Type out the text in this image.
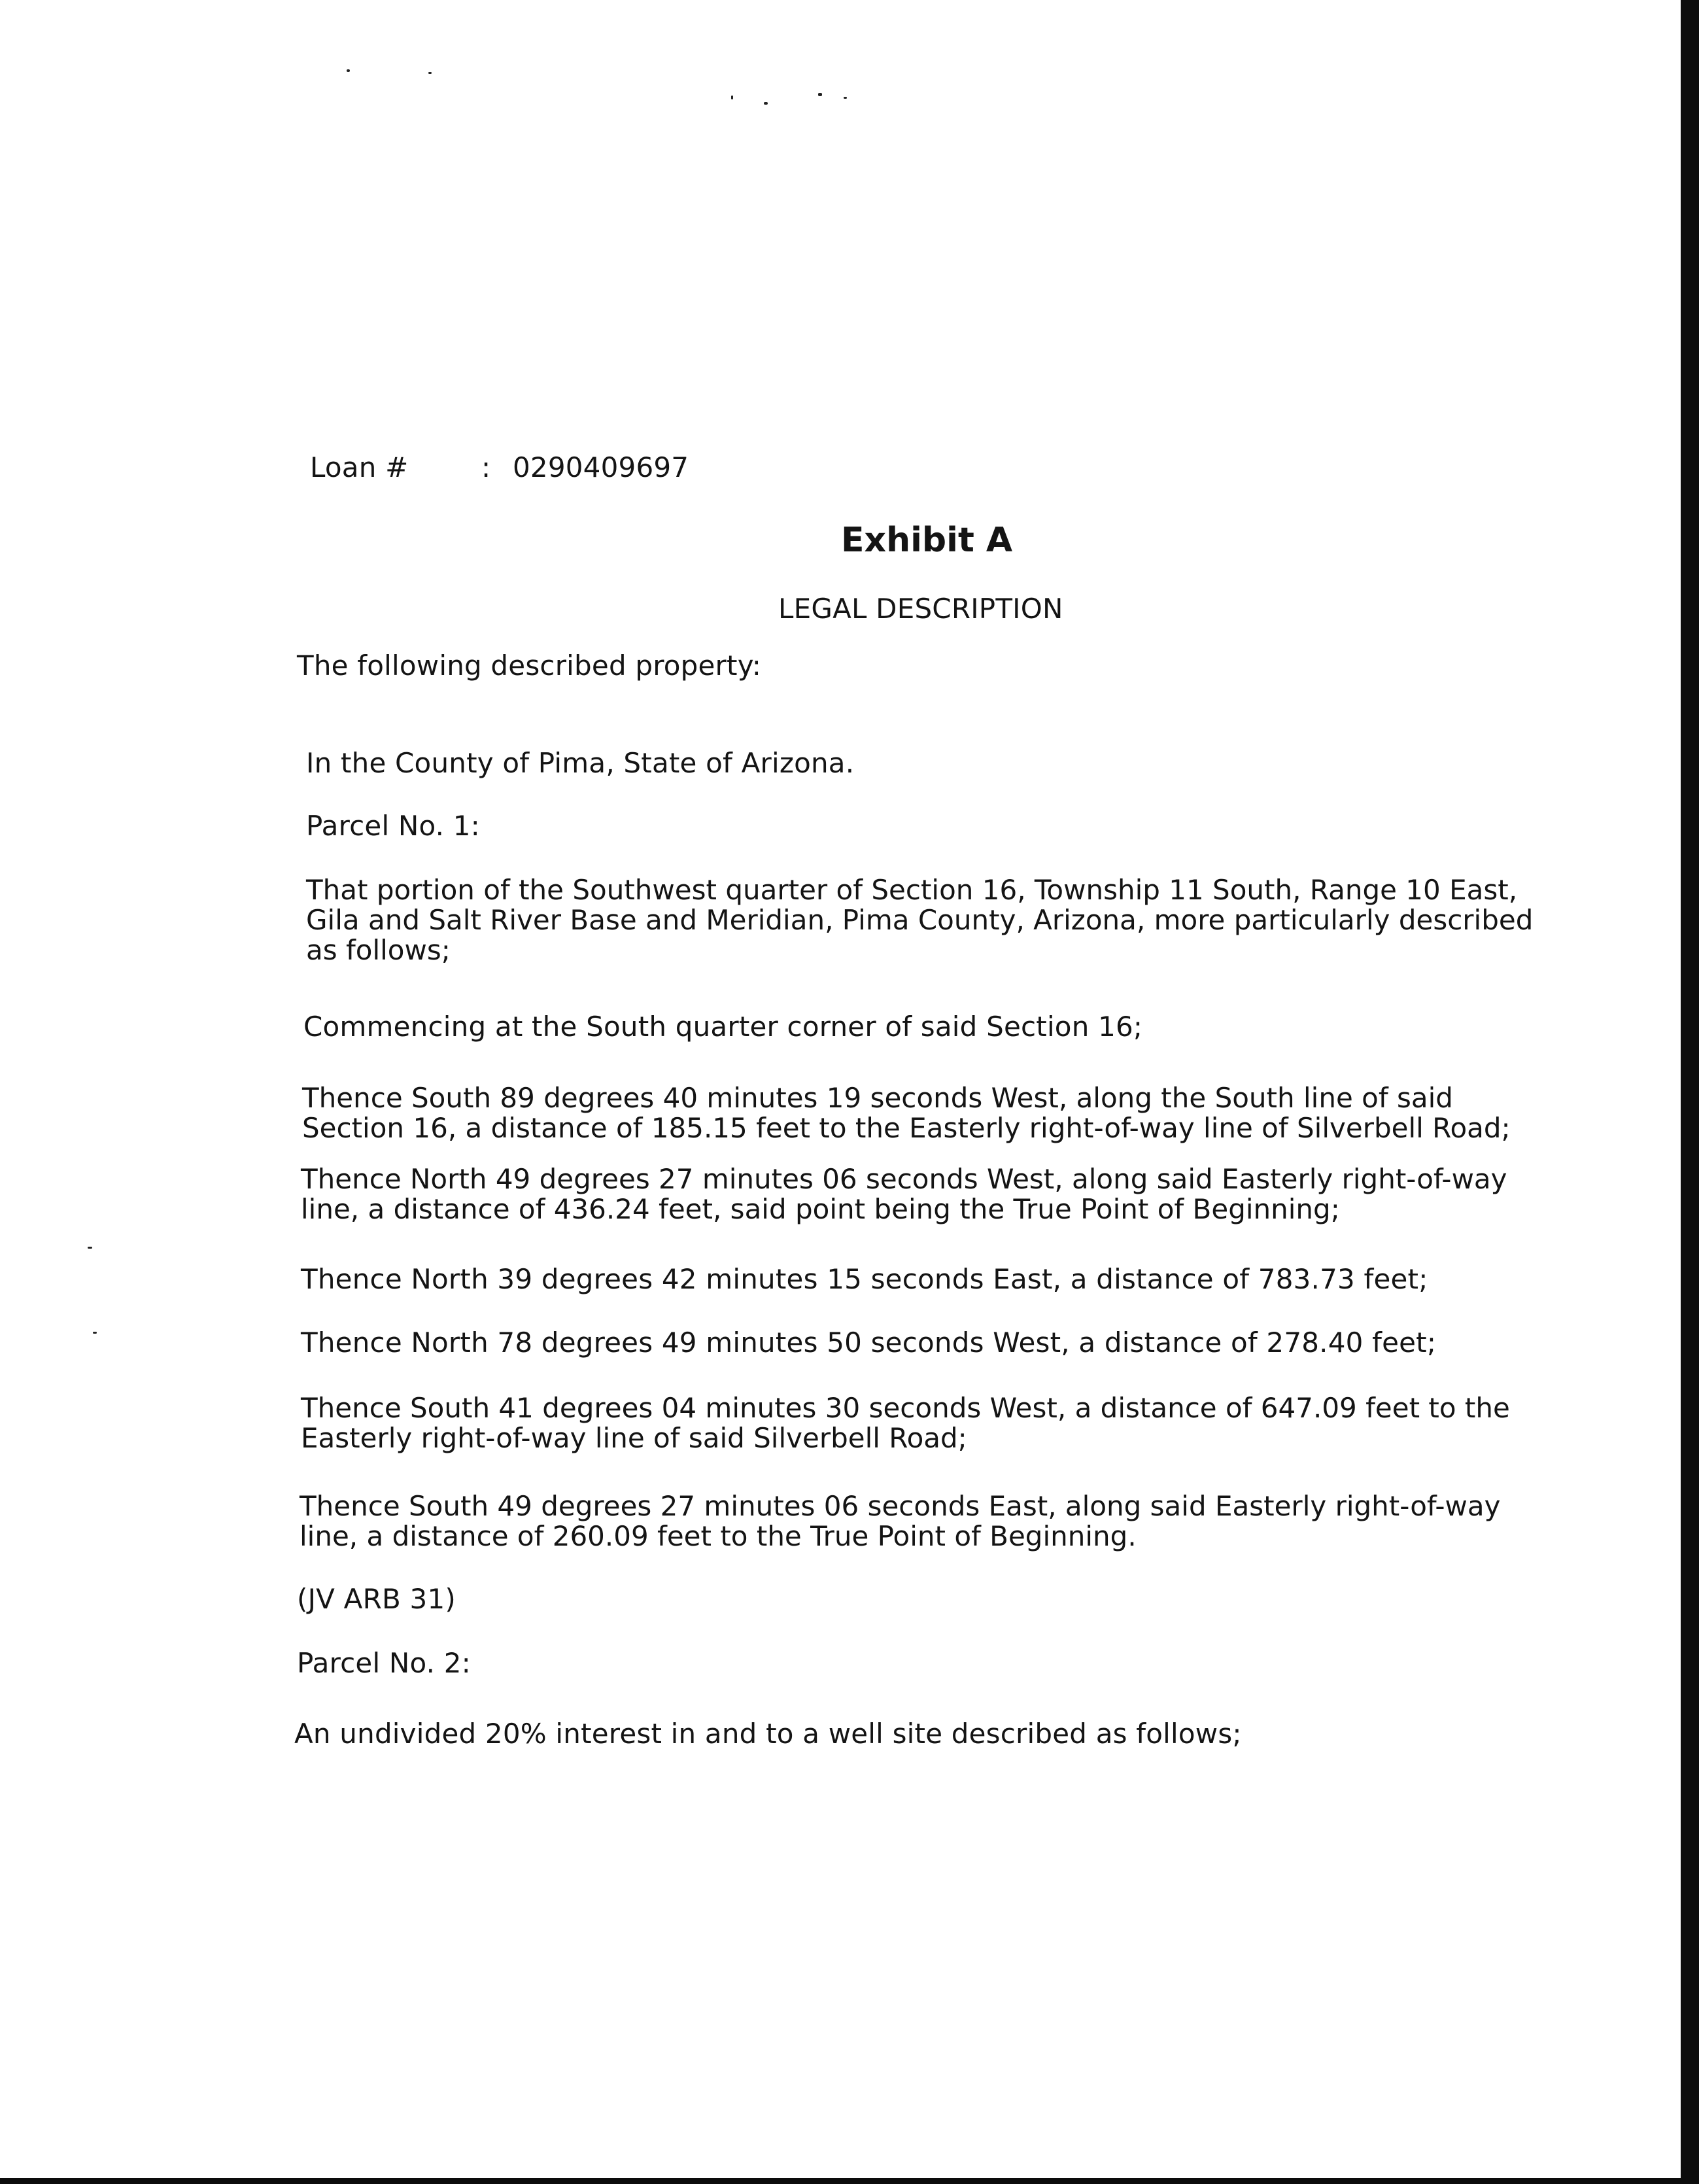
Loan #	: 0290409697
Exhibit A
LEGAL DESCRIPTION
The following described property:
In the County of Pima, State of Arizona.
Parcel No. 1:
That portion of the Southwest quarter of Section 16, Township 11 South, Range 10 East,
Gila and Salt River Base and Meridian, Pima County, Arizona, more particularly described
as follows;
Commencing at the South quarter corner of said Section 16;
Thence South 89 degrees 40 minutes 19 seconds West, along the South line of said
Section 16, a distance of 185.15 feet to the Easterly right-of-way line of Silverbell Road;
Thence North 49 degrees 27 minutes 06 seconds West, along said Easterly right-of-way
line, a distance of 436.24 feet, said point being the True Point of Beginning;
Thence North 39 degrees 42 minutes 15 seconds East, a distance of 783.73 feet;
Thence North 78 degrees 49 minutes 50 seconds West, a distance of 278.40 feet;
Thence South 41 degrees 04 minutes 30 seconds West, a distance of 647.09 feet to the
Easterly right-of-way line of said Silverbell Road;
Thence South 49 degrees 27 minutes 06 seconds East, along said Easterly right-of-way
line, a distance of 260.09 feet to the True Point of Beginning.
(JV ARB 31)
Parcel No. 2:
An undivided 20% interest in and to a well site described as follows;
